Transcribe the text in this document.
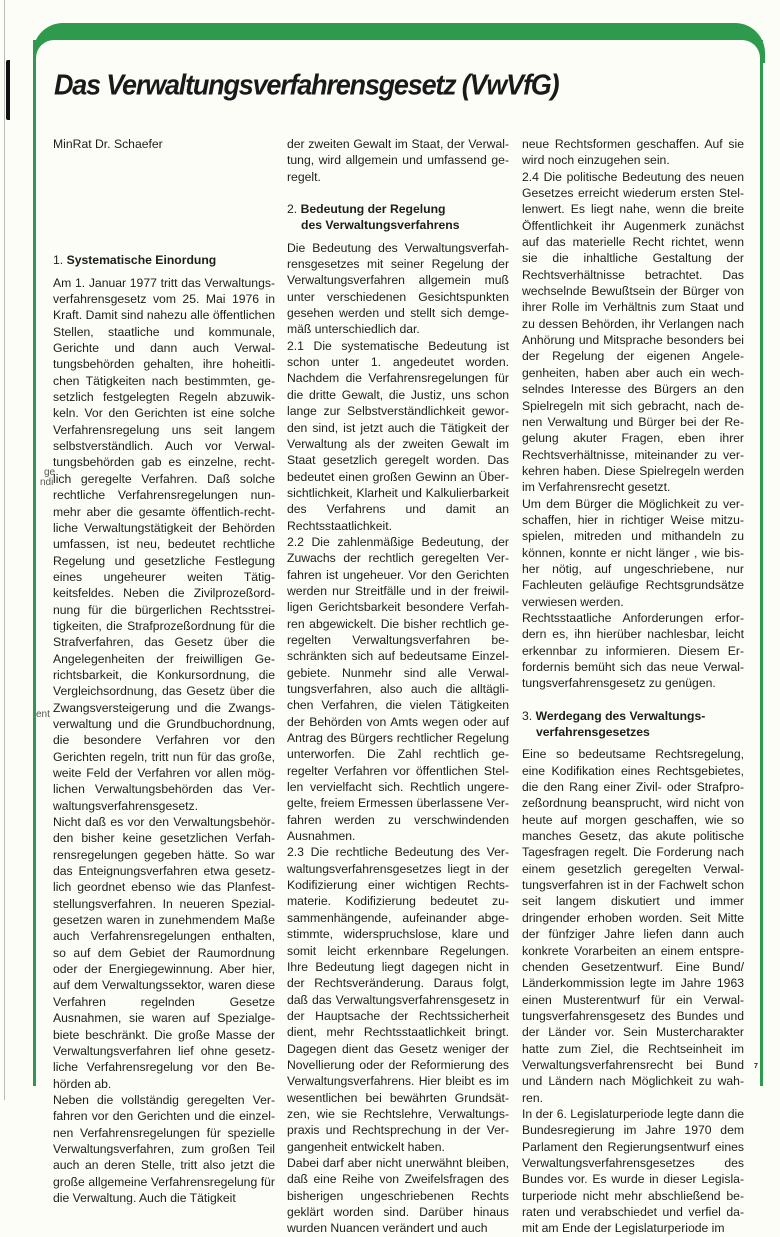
Das Verwaltungsverfahrensgesetz (VwVfG)

MinRat Dr. Schaefer

1. Systematische Einordung

Am 1. Januar 1977 tritt das Verwaltungsverfahrensgesetz vom 25. Mai 1976 in Kraft. Damit sind nahezu alle öffentlichen Stellen, staatliche und kommunale, Gerichte und dann auch Verwaltungsbehörden gehalten, ihre hoheitlichen Tätigkeiten nach bestimmten, gesetzlich festgelegten Regeln abzuwikkeln. Vor den Gerichten ist eine solche Verfahrensregelung uns seit langem selbstverständlich. Auch vor Verwaltungsbehörden gab es einzelne, rechtlich geregelte Verfahren. Daß solche rechtliche Verfahrensregelungen nunmehr aber die gesamte öffentlich-rechtliche Verwaltungstätigkeit der Behörden umfassen, ist neu, bedeutet rechtliche Regelung und gesetzliche Festlegung eines ungeheurer weiten Tätigkeitsfeldes. Neben die Zivilprozeßordnung für die bürgerlichen Rechtsstreitigkeiten, die Strafprozeßordnung für die Strafverfahren, das Gesetz über die Angelegenheiten der freiwilligen Gerichtsbarkeit, die Konkursordnung, die Vergleichsordnung, das Gesetz über die Zwangsversteigerung und die Zwangsverwaltung und die Grundbuchordnung, die besondere Verfahren vor den Gerichten regeln, tritt nun für das große, weite Feld der Verfahren vor allen möglichen Verwaltungsbehörden das Verwaltungsverfahrensgesetz.

Nicht daß es vor den Verwaltungsbehörden bisher keine gesetzlichen Verfahrensregelungen gegeben hätte. So war das Enteignungsverfahren etwa gesetzlich geordnet ebenso wie das Planfeststellungsverfahren. In neueren Spezialgesetzen waren in zunehmendem Maße auch Verfahrensregelungen enthalten, so auf dem Gebiet der Raumordnung oder der Energiegewinnung. Aber hier, auf dem Verwaltungssektor, waren diese Verfahren regelnden Gesetze Ausnahmen, sie waren auf Spezialgebiete beschränkt. Die große Masse der Verwaltungsverfahren lief ohne gesetzliche Verfahrensregelung vor den Behörden ab.

Neben die vollständig geregelten Verfahren vor den Gerichten und die einzelnen Verfahrensregelungen für spezielle Verwaltungsverfahren, zum großen Teil auch an deren Stelle, tritt also jetzt die große allgemeine Verfahrensregelung für die Verwaltung. Auch die Tätigkeit

der zweiten Gewalt im Staat, der Verwaltung, wird allgemein und umfassend geregelt.

2. Bedeutung der Regelung
des Verwaltungsverfahrens

Die Bedeutung des Verwaltungsverfahrensgesetzes mit seiner Regelung der Verwaltungsverfahren allgemein muß unter verschiedenen Gesichtspunkten gesehen werden und stellt sich demgemäß unterschiedlich dar.

2.1 Die systematische Bedeutung ist schon unter 1. angedeutet worden. Nachdem die Verfahrensregelungen für die dritte Gewalt, die Justiz, uns schon lange zur Selbstverständlichkeit geworden sind, ist jetzt auch die Tätigkeit der Verwaltung als der zweiten Gewalt im Staat gesetzlich geregelt worden. Das bedeutet einen großen Gewinn an Übersichtlichkeit, Klarheit und Kalkulierbarkeit des Verfahrens und damit an Rechtsstaatlichkeit.

2.2 Die zahlenmäßige Bedeutung, der Zuwachs der rechtlich geregelten Verfahren ist ungeheuer. Vor den Gerichten werden nur Streitfälle und in der freiwilligen Gerichtsbarkeit besondere Verfahren abgewickelt. Die bisher rechtlich geregelten Verwaltungsverfahren beschränkten sich auf bedeutsame Einzelgebiete. Nunmehr sind alle Verwaltungsverfahren, also auch die alltäglichen Verfahren, die vielen Tätigkeiten der Behörden von Amts wegen oder auf Antrag des Bürgers rechtlicher Regelung unterworfen. Die Zahl rechtlich geregelter Verfahren vor öffentlichen Stellen vervielfacht sich. Rechtlich ungeregelte, freiem Ermessen überlassene Verfahren werden zu verschwindenden Ausnahmen.

2.3 Die rechtliche Bedeutung des Verwaltungsverfahrensgesetzes liegt in der Kodifizierung einer wichtigen Rechtsmaterie. Kodifizierung bedeutet zusammenhängende, aufeinander abgestimmte, widerspruchslose, klare und somit leicht erkennbare Regelungen. Ihre Bedeutung liegt dagegen nicht in der Rechtsveränderung. Daraus folgt, daß das Verwaltungsverfahrensgesetz in der Hauptsache der Rechtssicherheit dient, mehr Rechtsstaatlichkeit bringt. Dagegen dient das Gesetz weniger der Novellierung oder der Reformierung des Verwaltungsverfahrens. Hier bleibt es im wesentlichen bei bewährten Grundsätzen, wie sie Rechtslehre, Verwaltungspraxis und Rechtsprechung in der Vergangenheit entwickelt haben.

Dabei darf aber nicht unerwähnt bleiben, daß eine Reihe von Zweifelsfragen des bisherigen ungeschriebenen Rechts geklärt worden sind. Darüber hinaus wurden Nuancen verändert und auch

neue Rechtsformen geschaffen. Auf sie wird noch einzugehen sein.

2.4 Die politische Bedeutung des neuen Gesetzes erreicht wiederum ersten Stellenwert. Es liegt nahe, wenn die breite Öffentlichkeit ihr Augenmerk zunächst auf das materielle Recht richtet, wenn sie die inhaltliche Gestaltung der Rechtsverhältnisse betrachtet. Das wechselnde Bewußtsein der Bürger von ihrer Rolle im Verhältnis zum Staat und zu dessen Behörden, ihr Verlangen nach Anhörung und Mitsprache besonders bei der Regelung der eigenen Angelegenheiten, haben aber auch ein wechselndes Interesse des Bürgers an den Spielregeln mit sich gebracht, nach denen Verwaltung und Bürger bei der Regelung akuter Fragen, eben ihrer Rechtsverhältnisse, miteinander zu verkehren haben. Diese Spielregeln werden im Verfahrensrecht gesetzt.

Um dem Bürger die Möglichkeit zu verschaffen, hier in richtiger Weise mitzuspielen, mitreden und mithandeln zu können, konnte er nicht länger , wie bisher nötig, auf ungeschriebene, nur Fachleuten geläufige Rechtsgrundsätze verwiesen werden.

Rechtsstaatliche Anforderungen erfordern es, ihn hierüber nachlesbar, leicht erkennbar zu informieren. Diesem Erfordernis bemüht sich das neue Verwaltungsverfahrensgesetz zu genügen.

3. Werdegang des Verwaltungs-
verfahrensgesetzes

Eine so bedeutsame Rechtsregelung, eine Kodifikation eines Rechtsgebietes, die den Rang einer Zivil- oder Strafprozeßordnung beansprucht, wird nicht von heute auf morgen geschaffen, wie so manches Gesetz, das akute politische Tagesfragen regelt. Die Forderung nach einem gesetzlich geregelten Verwaltungsverfahren ist in der Fachwelt schon seit langem diskutiert und immer dringender erhoben worden. Seit Mitte der fünfziger Jahre liefen dann auch konkrete Vorarbeiten an einem entsprechenden Gesetzentwurf. Eine Bund/ Länderkommission legte im Jahre 1963 einen Musterentwurf für ein Verwaltungsverfahrensgesetz des Bundes und der Länder vor. Sein Mustercharakter hatte zum Ziel, die Rechtseinheit im Verwaltungsverfahrensrecht bei Bund und Ländern nach Möglichkeit zu wahren.

In der 6. Legislaturperiode legte dann die Bundesregierung im Jahre 1970 dem Parlament den Regierungsentwurf eines Verwaltungsverfahrensgesetzes des Bundes vor. Es wurde in dieser Legislaturperiode nicht mehr abschließend beraten und verabschiedet und verfiel damit am Ende der Legislaturperiode im

ge
ndi
ent
7
